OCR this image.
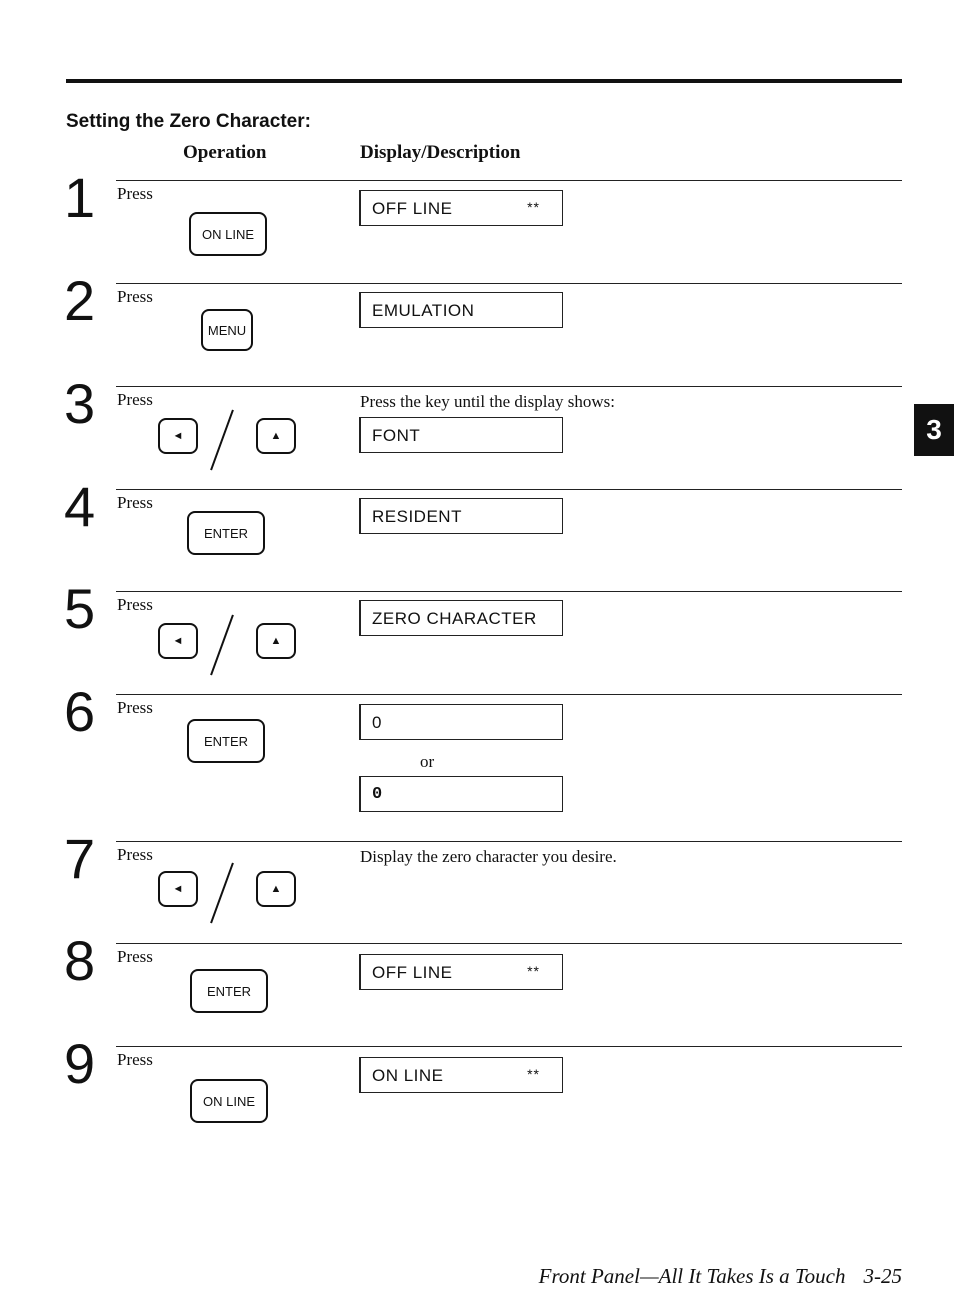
Setting the Zero Character:
Operation	Display/Description
1 Press
ON LINE
OFF LINE	**
2 Press
MENU
EMULATION
3 Press
◄	▲
Press the key until the display shows:
FONT
4 Press
ENTER
RESIDENT
5 Press
◄	▲
ZERO CHARACTER
6 Press
ENTER
0
or
0
7 Press
◄	▲
Display the zero character you desire.
8 Press
ENTER
OFF LINE	**
9 Press
ON LINE
ON LINE	**
3
Front Panel—All It Takes Is a Touch 3-25
